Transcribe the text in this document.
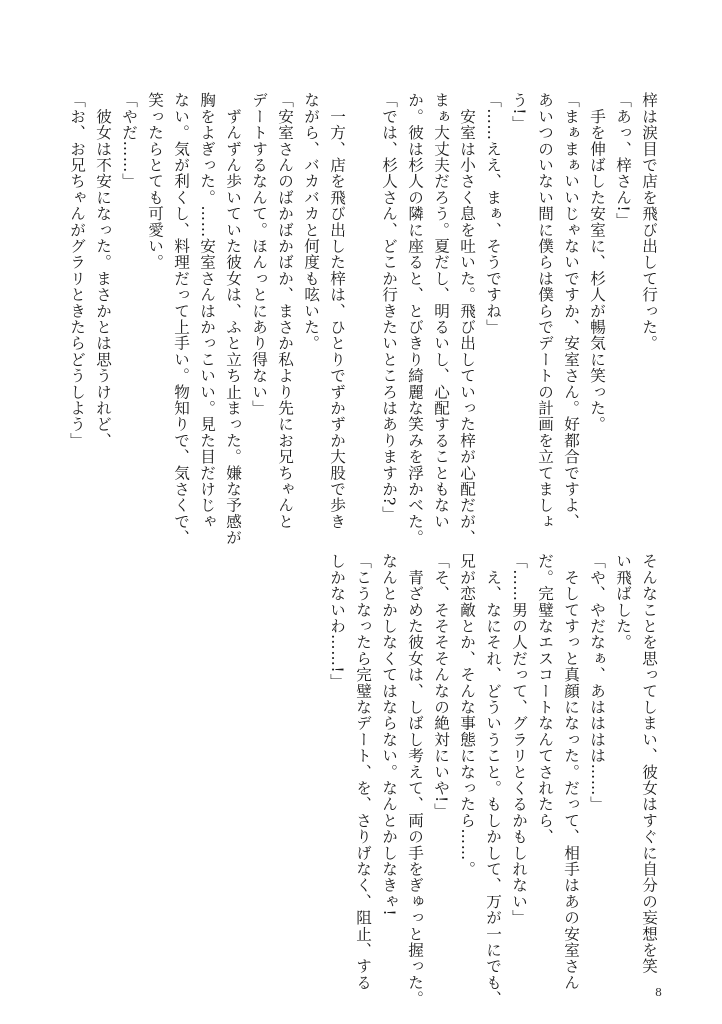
梓は涙目で店を飛び出して行った。
「あっ、梓さん!」
　手を伸ばした安室に、杉人が暢気に笑った。
「まぁまぁいいじゃないですか、安室さん。好都合ですよ、
あいつのいない間に僕らは僕らでデートの計画を立てましょ
う!」
「……ええ、まぁ、そうですね」
　安室は小さく息を吐いた。飛び出していった梓が心配だが、
まぁ大丈夫だろう。夏だし、明るいし、心配することもない
か。彼は杉人の隣に座ると、とびきり綺麗な笑みを浮かべた。
「では、杉人さん、どこか行きたいところはありますか?」
　一方、店を飛び出した梓は、ひとりでずかずか大股で歩き
ながら、バカバカと何度も呟いた。
「安室さんのばかばかばか、まさか私より先にお兄ちゃんと
デートするなんて。ほんっとにあり得ない」
　ずんずん歩いていた彼女は、ふと立ち止まった。嫌な予感が
胸をよぎった。……安室さんはかっこいい。見た目だけじゃ
ない。気が利くし、料理だって上手い。物知りで、気さくで、
笑ったらとても可愛い。
「やだ……」
　彼女は不安になった。まさかとは思うけれど、
「お、お兄ちゃんがグラリときたらどうしよう」
そんなことを思ってしまい、彼女はすぐに自分の妄想を笑
い飛ばした。
「や、やだなぁ、あはははは……」
　そしてすっと真顔になった。だって、相手はあの安室さん
だ。完璧なエスコートなんてされたら、
「……男の人だって、グラリとくるかもしれない」
　え、なにそれ、どういうこと。もしかして、万が一にでも、
兄が恋敵とか、そんな事態になったら……。
「そ、そそそそんなの絶対にいや!」
　青ざめた彼女は、しばし考えて、両の手をぎゅっと握った。
なんとかしなくてはならない。なんとかしなきゃ!
「こうなったら完璧なデート、を、さりげなく、阻止、する
しかないわ……!」
8
